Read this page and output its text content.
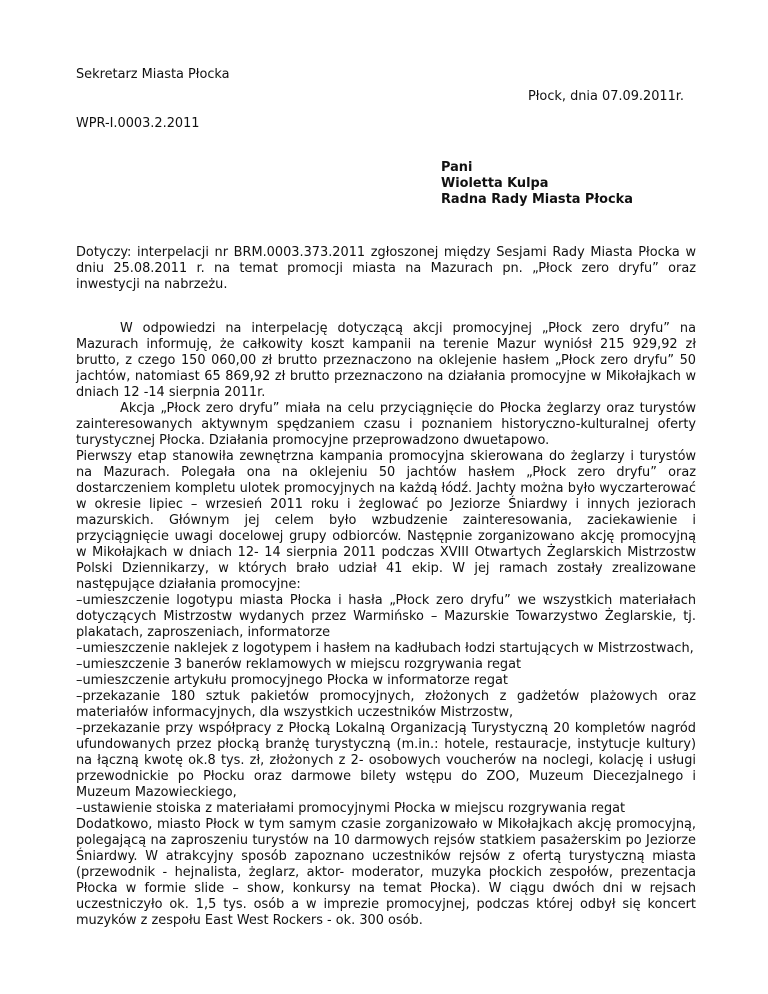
Sekretarz Miasta Płocka
Płock, dnia 07.09.2011r.
WPR-I.0003.2.2011
Pani
Wioletta Kulpa
Radna Rady Miasta Płocka
Dotyczy: interpelacji nr BRM.0003.373.2011 zgłoszonej między Sesjami Rady Miasta Płocka w dniu 25.08.2011 r. na temat promocji miasta na Mazurach pn. „Płock zero dryfu” oraz inwestycji na nabrzeżu.

W odpowiedzi na interpelację dotyczącą akcji promocyjnej „Płock zero dryfu” na Mazurach informuję, że całkowity koszt kampanii na terenie Mazur wyniósł 215 929,92 zł brutto, z czego 150 060,00 zł brutto przeznaczono na oklejenie hasłem „Płock zero dryfu” 50 jachtów, natomiast 65 869,92 zł brutto przeznaczono na działania promocyjne w Mikołajkach w dniach 12 -14 sierpnia 2011r.

Akcja „Płock zero dryfu” miała na celu przyciągnięcie do Płocka żeglarzy oraz turystów zainteresowanych aktywnym spędzaniem czasu i poznaniem historyczno-kulturalnej oferty turystycznej Płocka. Działania promocyjne przeprowadzono dwuetapowo.

Pierwszy etap stanowiła zewnętrzna kampania promocyjna skierowana do żeglarzy i turystów na Mazurach. Polegała ona na oklejeniu 50 jachtów hasłem „Płock zero dryfu” oraz dostarczeniem kompletu ulotek promocyjnych na każdą łódź. Jachty można było wyczarterować w okresie lipiec – wrzesień 2011 roku i żeglować po Jeziorze Śniardwy i innych jeziorach mazurskich. Głównym jej celem było wzbudzenie zainteresowania, zaciekawienie i przyciągnięcie uwagi docelowej grupy odbiorców. Następnie zorganizowano akcję promocyjną w Mikołajkach w dniach 12- 14 sierpnia 2011 podczas XVIII Otwartych Żeglarskich Mistrzostw Polski Dziennikarzy, w których brało udział 41 ekip. W jej ramach zostały zrealizowane następujące działania promocyjne:

–umieszczenie logotypu miasta Płocka i hasła „Płock zero dryfu” we wszystkich materiałach dotyczących Mistrzostw wydanych przez Warmińsko – Mazurskie Towarzystwo Żeglarskie, tj. plakatach, zaproszeniach, informatorze
–umieszczenie naklejek z logotypem i hasłem na kadłubach łodzi startujących w Mistrzostwach,
–umieszczenie 3 banerów reklamowych w miejscu rozgrywania regat
–umieszczenie artykułu promocyjnego Płocka w informatorze regat
–przekazanie 180 sztuk pakietów promocyjnych, złożonych z gadżetów plażowych oraz materiałów informacyjnych, dla wszystkich uczestników Mistrzostw,
–przekazanie przy współpracy z Płocką Lokalną Organizacją Turystyczną 20 kompletów nagród ufundowanych przez płocką branżę turystyczną (m.in.: hotele, restauracje, instytucje kultury) na łączną kwotę ok.8 tys. zł, złożonych z 2- osobowych voucherów na noclegi, kolację i usługi przewodnickie po Płocku oraz darmowe bilety wstępu do ZOO, Muzeum Diecezjalnego i Muzeum Mazowieckiego,
–ustawienie stoiska z materiałami promocyjnymi Płocka w miejscu rozgrywania regat

Dodatkowo, miasto Płock w tym samym czasie zorganizowało w Mikołajkach akcję promocyjną, polegającą na zaproszeniu turystów na 10 darmowych rejsów statkiem pasażerskim po Jeziorze Śniardwy. W atrakcyjny sposób zapoznano uczestników rejsów z ofertą turystyczną miasta (przewodnik - hejnalista, żeglarz, aktor- moderator, muzyka płockich zespołów, prezentacja Płocka w formie slide – show, konkursy na temat Płocka). W ciągu dwóch dni w rejsach uczestniczyło ok. 1,5 tys. osób a w imprezie promocyjnej, podczas której odbył się koncert muzyków z zespołu East West Rockers - ok. 300 osób.
